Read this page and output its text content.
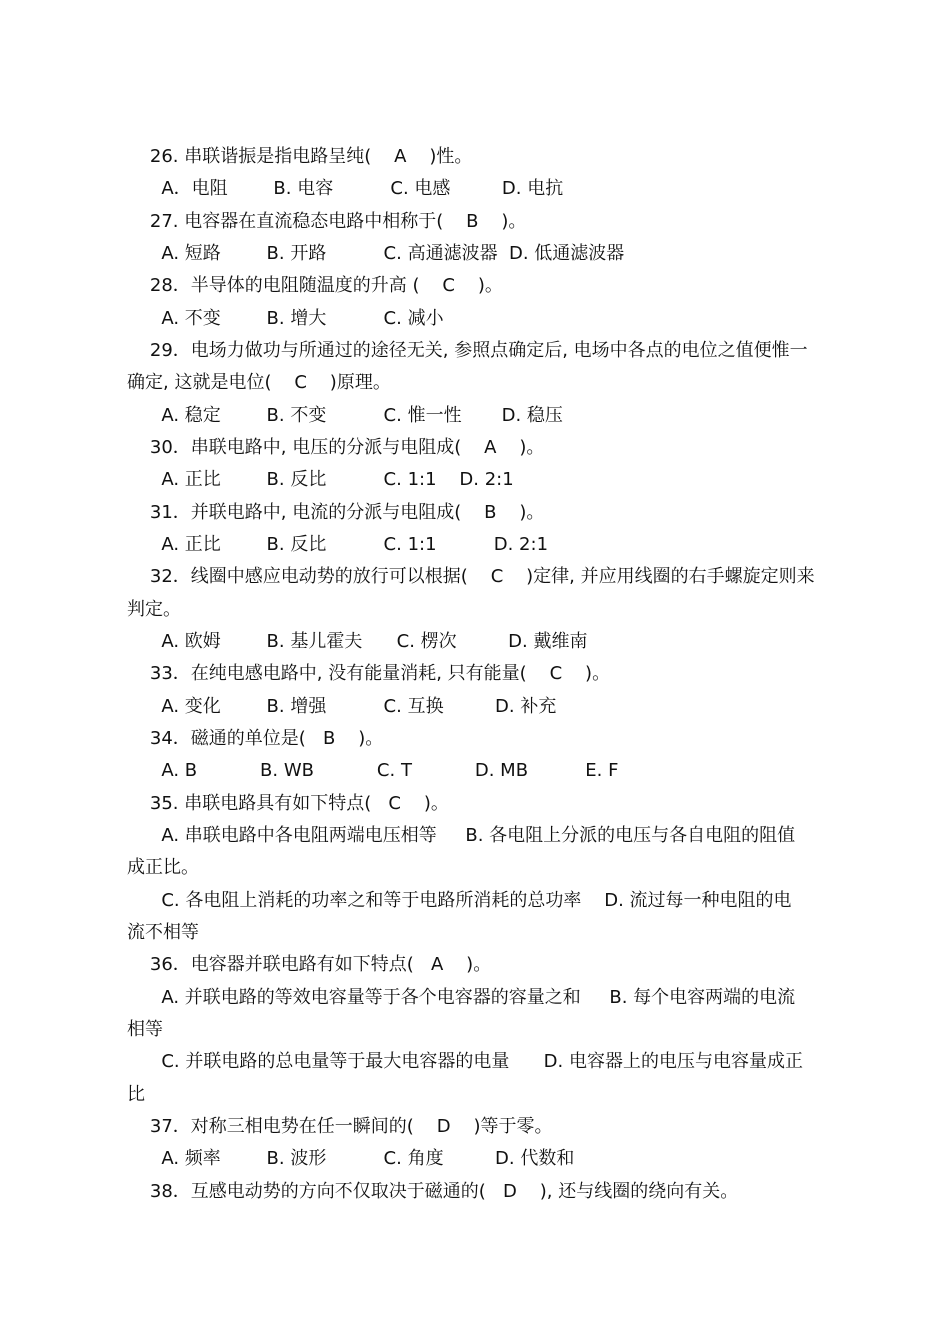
26. 串联谐振是指电路呈纯(    A    )性。
A．电阻        B. 电容          C. 电感         D. 电抗
27. 电容器在直流稳态电路中相称于(    B    )。
A. 短路        B. 开路          C. 高通滤波器  D. 低通滤波器
28．半导体的电阻随温度的升高 (    C    )。
A. 不变        B. 增大          C. 减小
29．电场力做功与所通过的途径无关, 参照点确定后, 电场中各点的电位之值便惟一
确定, 这就是电位(    C    )原理。
A. 稳定        B. 不变          C. 惟一性       D. 稳压
30．串联电路中, 电压的分派与电阻成(    A    )。
A. 正比        B. 反比          C. 1:1    D. 2:1
31．并联电路中, 电流的分派与电阻成(    B    )。
A. 正比        B. 反比          C. 1:1          D. 2:1
32．线圈中感应电动势的放行可以根据(    C    )定律, 并应用线圈的右手螺旋定则来
判定。
A. 欧姆        B. 基儿霍夫      C. 楞次         D. 戴维南
33．在纯电感电路中, 没有能量消耗, 只有能量(    C    )。
A. 变化        B. 增强          C. 互换         D. 补充
34．磁通的单位是(   B    )。
A. B           B. WB           C. T           D. MB          E. F
35. 串联电路具有如下特点(   C    )。
A. 串联电路中各电阻两端电压相等     B. 各电阻上分派的电压与各自电阻的阻值
成正比。
C. 各电阻上消耗的功率之和等于电路所消耗的总功率    D. 流过每一种电阻的电
流不相等
36．电容器并联电路有如下特点(   A    )。
A. 并联电路的等效电容量等于各个电容器的容量之和     B. 每个电容两端的电流
相等
C. 并联电路的总电量等于最大电容器的电量      D. 电容器上的电压与电容量成正
比
37．对称三相电势在任一瞬间的(    D    )等于零。
A. 频率        B. 波形          C. 角度         D. 代数和
38．互感电动势的方向不仅取决于磁通的(   D    ), 还与线圈的绕向有关。
